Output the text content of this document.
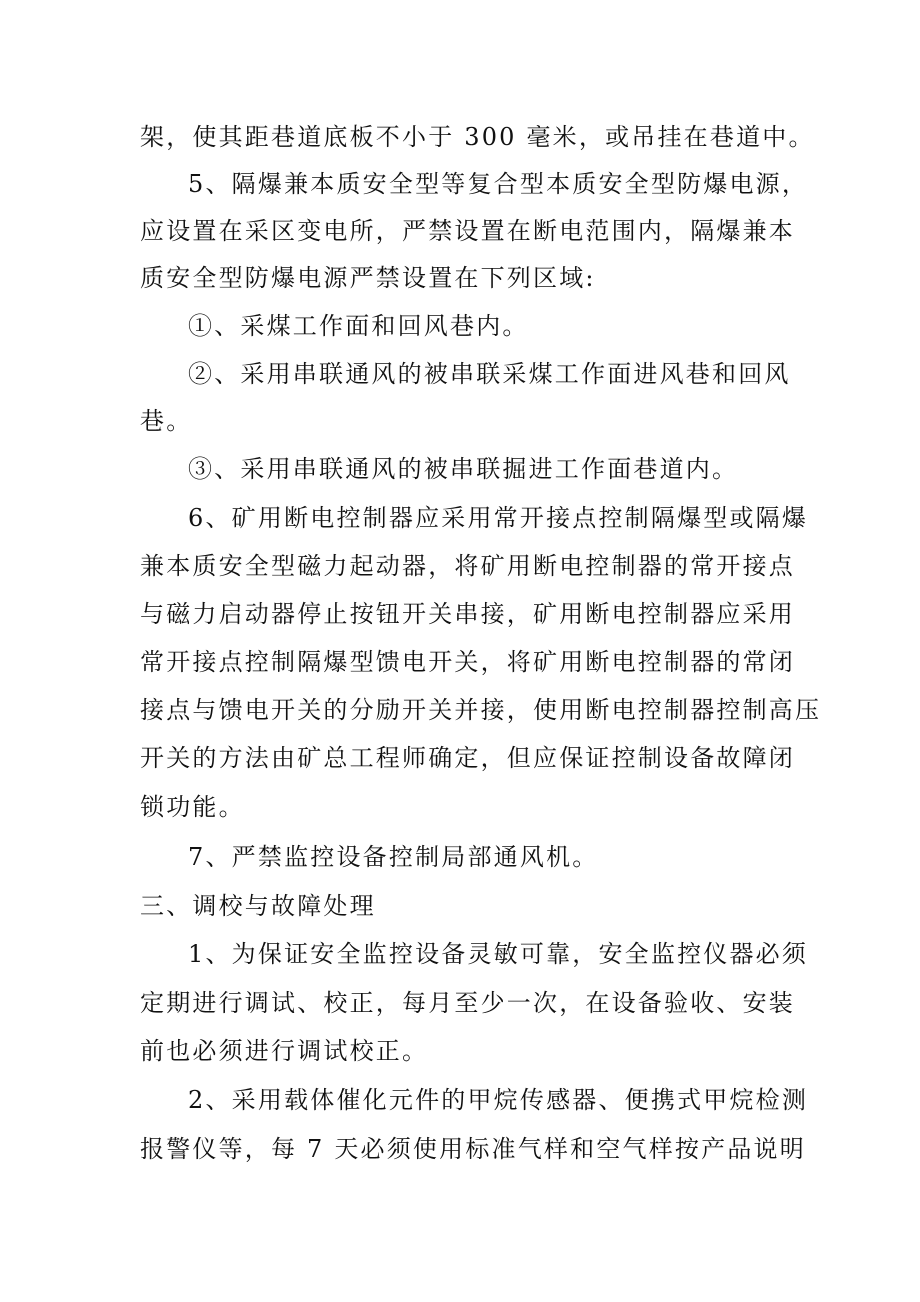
架，使其距巷道底板不小于 300 毫米，或吊挂在巷道中。
5、隔爆兼本质安全型等复合型本质安全型防爆电源，
应设置在采区变电所，严禁设置在断电范围内，隔爆兼本
质安全型防爆电源严禁设置在下列区域:
①、采煤工作面和回风巷内。
②、采用串联通风的被串联采煤工作面进风巷和回风
巷。
③、采用串联通风的被串联掘进工作面巷道内。
6、矿用断电控制器应采用常开接点控制隔爆型或隔爆
兼本质安全型磁力起动器，将矿用断电控制器的常开接点
与磁力启动器停止按钮开关串接，矿用断电控制器应采用
常开接点控制隔爆型馈电开关，将矿用断电控制器的常闭
接点与馈电开关的分励开关并接，使用断电控制器控制高压
开关的方法由矿总工程师确定，但应保证控制设备故障闭
锁功能。
7、严禁监控设备控制局部通风机。
三、调校与故障处理
1、为保证安全监控设备灵敏可靠，安全监控仪器必须
定期进行调试、校正，每月至少一次，在设备验收、安装
前也必须进行调试校正。
2、采用载体催化元件的甲烷传感器、便携式甲烷检测
报警仪等，每 7 天必须使用标准气样和空气样按产品说明
